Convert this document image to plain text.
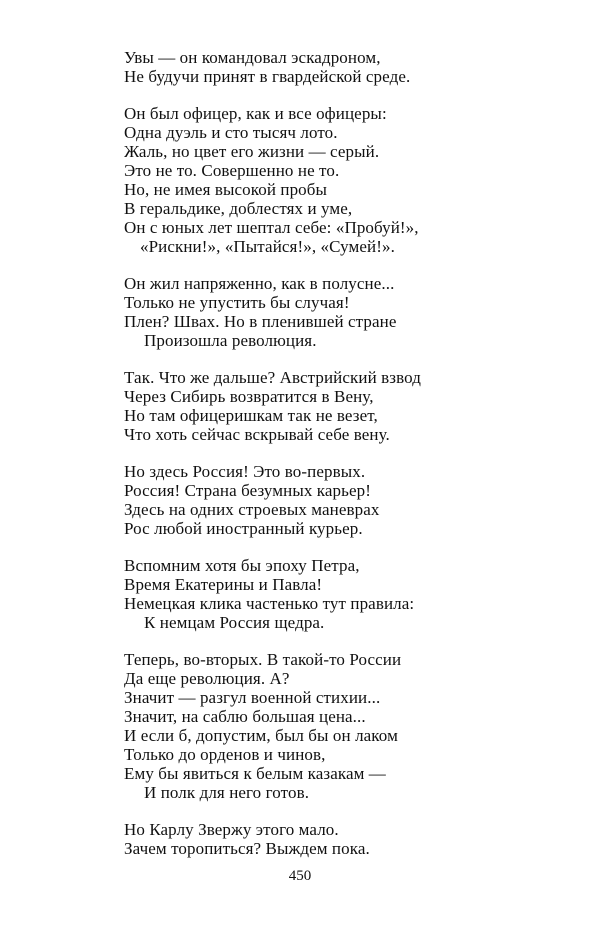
Увы — он командовал эскадроном,
Не будучи принят в гвардейской среде.
Он был офицер, как и все офицеры:
Одна дуэль и сто тысяч лото.
Жаль, но цвет его жизни — серый.
Это не то. Совершенно не то.
Но, не имея высокой пробы
В геральдике, доблестях и уме,
Он с юных лет шептал себе: «Пробуй!»,
«Рискни!», «Пытайся!», «Сумей!».
Он жил напряженно, как в полусне...
Только не упустить бы случая!
Плен? Швах. Но в пленившей стране
Произошла революция.
Так. Что же дальше? Австрийский взвод
Через Сибирь возвратится в Вену,
Но там офицеришкам так не везет,
Что хоть сейчас вскрывай себе вену.
Но здесь Россия! Это во-первых.
Россия! Страна безумных карьер!
Здесь на одних строевых маневрах
Рос любой иностранный курьер.
Вспомним хотя бы эпоху Петра,
Время Екатерины и Павла!
Немецкая клика частенько тут правила:
К немцам Россия щедра.
Теперь, во-вторых. В такой-то России
Да еще революция. А?
Значит — разгул военной стихии...
Значит, на саблю большая цена...
И если б, допустим, был бы он лаком
Только до орденов и чинов,
Ему бы явиться к белым казакам —
И полк для него готов.
Но Карлу Звержу этого мало.
Зачем торопиться? Выждем пока.
450
